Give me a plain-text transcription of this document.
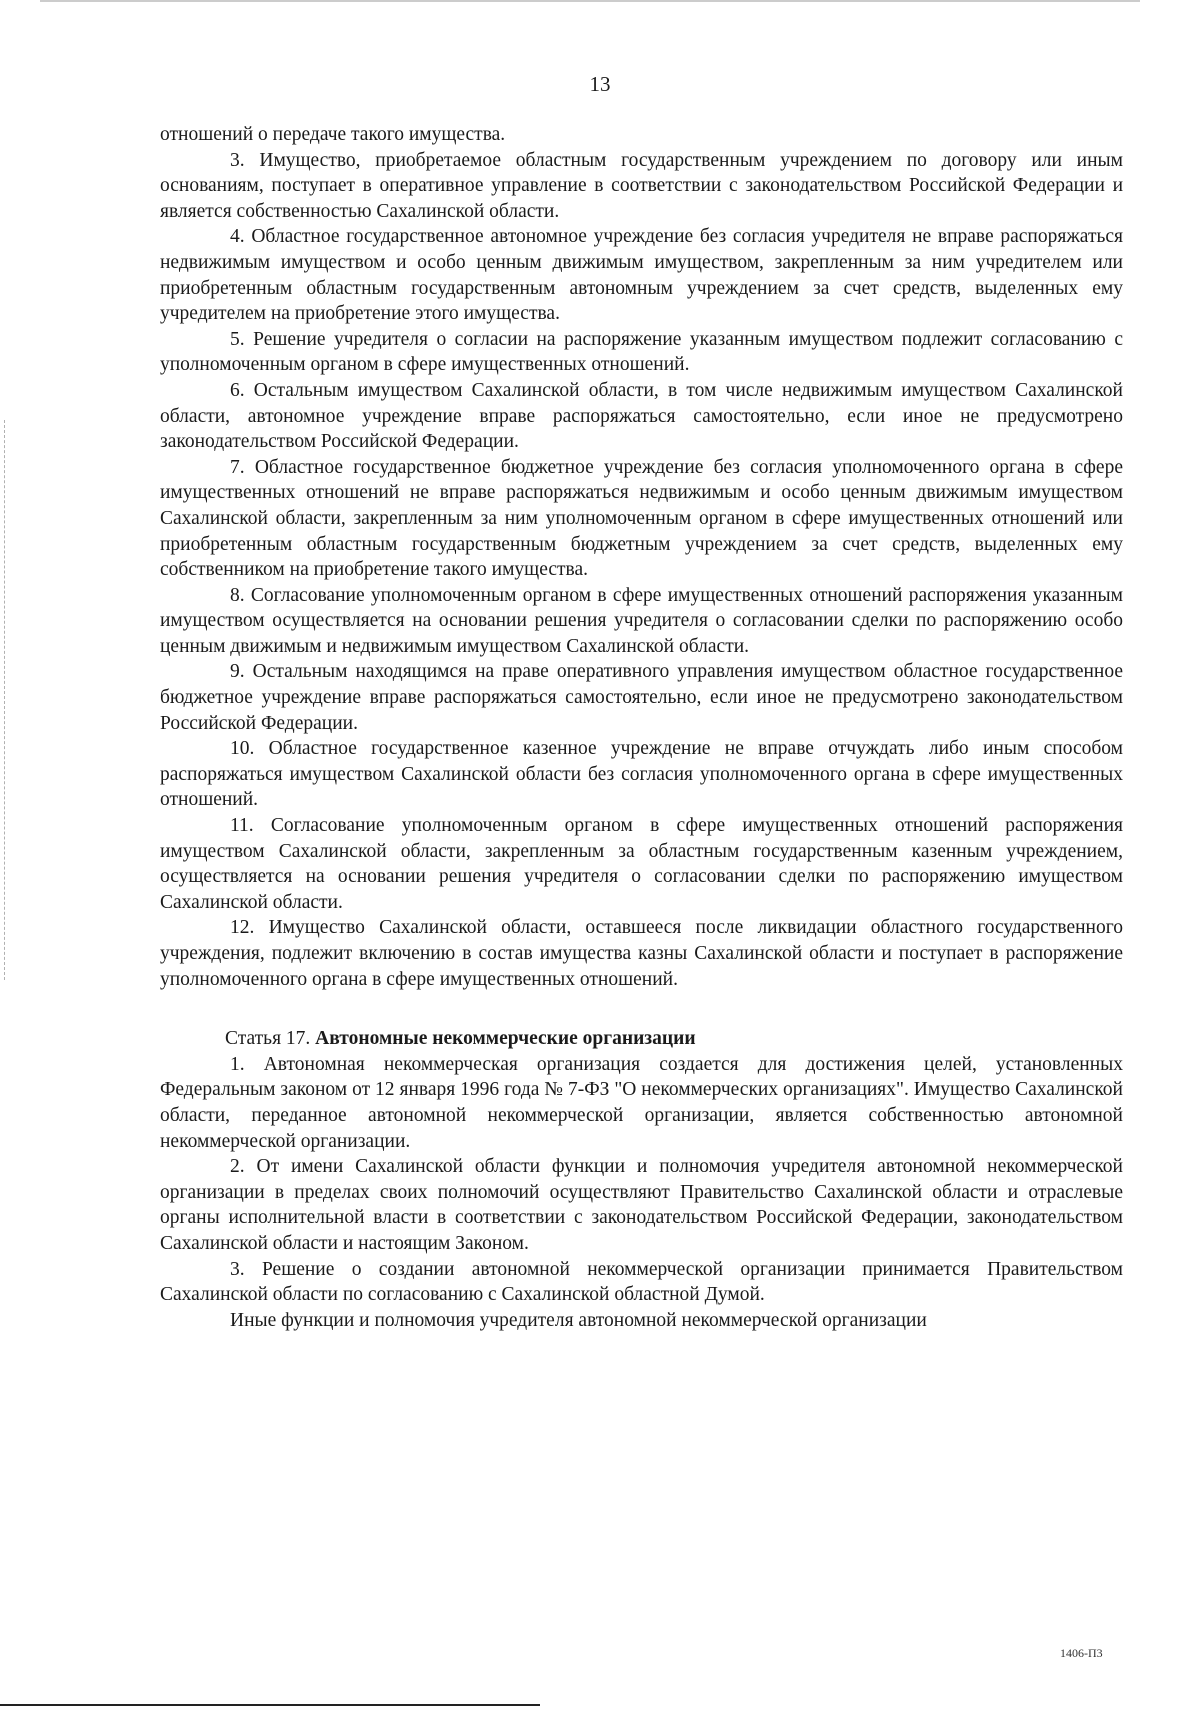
13

отношений о передаче такого имущества.

3. Имущество, приобретаемое областным государственным учреждением по договору или иным основаниям, поступает в оперативное управление в соответствии с законодательством Российской Федерации и является собственностью Сахалинской области.

4. Областное государственное автономное учреждение без согласия учредителя не вправе распоряжаться недвижимым имуществом и особо ценным движимым имуществом, закрепленным за ним учредителем или приобретенным областным государственным автономным учреждением за счет средств, выделенных ему учредителем на приобретение этого имущества.

5. Решение учредителя о согласии на распоряжение указанным имуществом подлежит согласованию с уполномоченным органом в сфере имущественных отношений.

6. Остальным имуществом Сахалинской области, в том числе недвижимым имуществом Сахалинской области, автономное учреждение вправе распоряжаться самостоятельно, если иное не предусмотрено законодательством Российской Федерации.

7. Областное государственное бюджетное учреждение без согласия уполномоченного органа в сфере имущественных отношений не вправе распоряжаться недвижимым и особо ценным движимым имуществом Сахалинской области, закрепленным за ним уполномоченным органом в сфере имущественных отношений или приобретенным областным государственным бюджетным учреждением за счет средств, выделенных ему собственником на приобретение такого имущества.

8. Согласование уполномоченным органом в сфере имущественных отношений распоряжения указанным имуществом осуществляется на основании решения учредителя о согласовании сделки по распоряжению особо ценным движимым и недвижимым имуществом Сахалинской области.

9. Остальным находящимся на праве оперативного управления имуществом областное государственное бюджетное учреждение вправе распоряжаться самостоятельно, если иное не предусмотрено законодательством Российской Федерации.

10. Областное государственное казенное учреждение не вправе отчуждать либо иным способом распоряжаться имуществом Сахалинской области без согласия уполномоченного органа в сфере имущественных отношений.

11. Согласование уполномоченным органом в сфере имущественных отношений распоряжения имуществом Сахалинской области, закрепленным за областным государственным казенным учреждением, осуществляется на основании решения учредителя о согласовании сделки по распоряжению имуществом Сахалинской области.

12. Имущество Сахалинской области, оставшееся после ликвидации областного государственного учреждения, подлежит включению в состав имущества казны Сахалинской области и поступает в распоряжение уполномоченного органа в сфере имущественных отношений.

Статья 17. Автономные некоммерческие организации

1. Автономная некоммерческая организация создается для достижения целей, установленных Федеральным законом от 12 января 1996 года № 7-ФЗ "О некоммерческих организациях". Имущество Сахалинской области, переданное автономной некоммерческой организации, является собственностью автономной некоммерческой организации.

2. От имени Сахалинской области функции и полномочия учредителя автономной некоммерческой организации в пределах своих полномочий осуществляют Правительство Сахалинской области и отраслевые органы исполнительной власти в соответствии с законодательством Российской Федерации, законодательством Сахалинской области и настоящим Законом.

3. Решение о создании автономной некоммерческой организации принимается Правительством Сахалинской области по согласованию с Сахалинской областной Думой.

Иные функции и полномочия учредителя автономной некоммерческой организации

1406-П3
